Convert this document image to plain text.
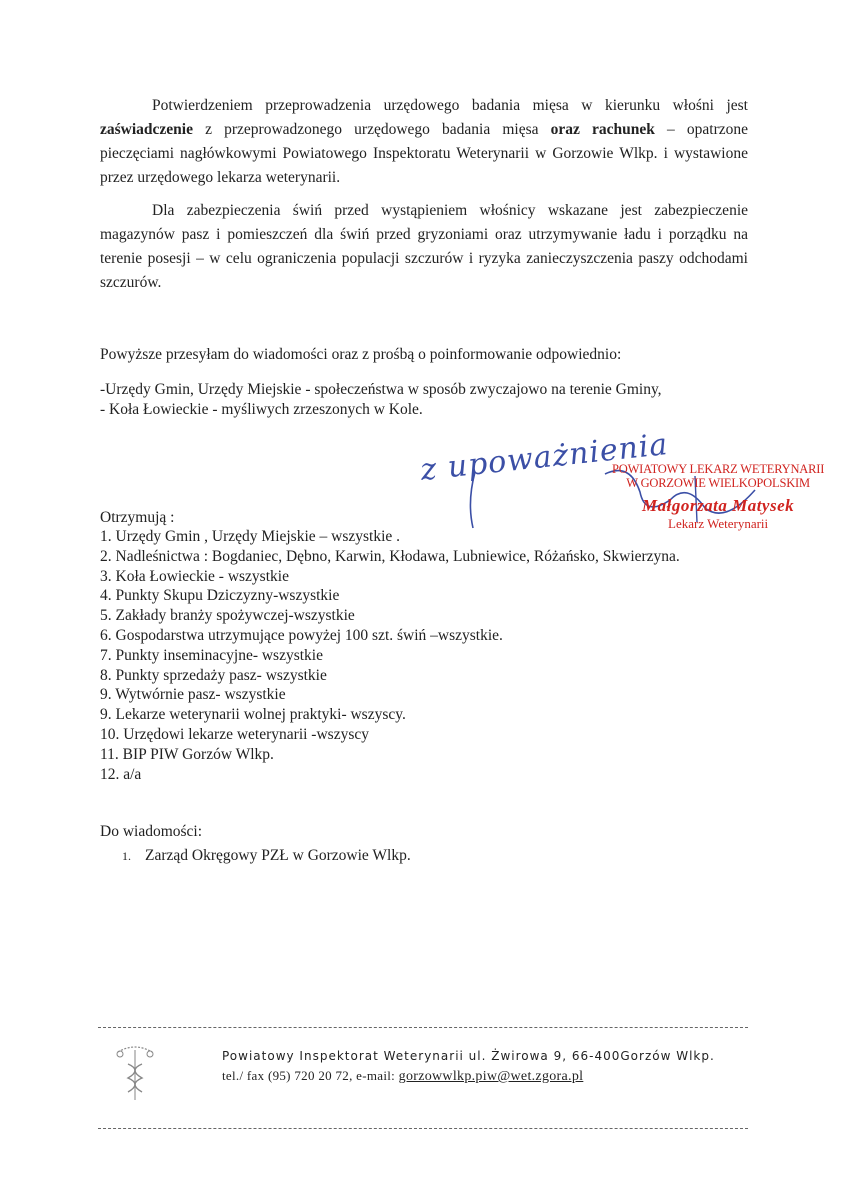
Potwierdzeniem przeprowadzenia urzędowego badania mięsa w kierunku włośni jest zaświadczenie z przeprowadzonego urzędowego badania mięsa oraz rachunek – opatrzone pieczęciami nagłówkowymi Powiatowego Inspektoratu Weterynarii w Gorzowie Wlkp. i wystawione przez urzędowego lekarza weterynarii.

Dla zabezpieczenia świń przed wystąpieniem włośnicy wskazane jest zabezpieczenie magazynów pasz i pomieszczeń dla świń przed gryzoniami oraz utrzymywanie ładu i porządku na terenie posesji – w celu ograniczenia populacji szczurów i ryzyka zanieczyszczenia paszy odchodami szczurów.

Powyższe przesyłam do wiadomości oraz z prośbą o poinformowanie odpowiednio:

-Urzędy Gmin, Urzędy Miejskie - społeczeństwa w sposób zwyczajowo na terenie Gminy,

- Koła Łowieckie - myśliwych zrzeszonych w Kole.

z upoważnienia
POWIATOWY LEKARZ WETERYNARII
W GORZOWIE WIELKOPOLSKIM
Małgorzata Matysek
Lekarz Weterynarii

Otrzymują :

1. Urzędy Gmin , Urzędy Miejskie – wszystkie .
2. Nadleśnictwa : Bogdaniec, Dębno, Karwin, Kłodawa, Lubniewice, Różańsko, Skwierzyna.
3. Koła Łowieckie - wszystkie
4. Punkty Skupu Dziczyzny-wszystkie
5. Zakłady branży spożywczej-wszystkie
6. Gospodarstwa utrzymujące powyżej 100 szt. świń –wszystkie.
7. Punkty inseminacyjne- wszystkie
8. Punkty sprzedaży pasz- wszystkie
9. Wytwórnie pasz- wszystkie
9. Lekarze weterynarii wolnej praktyki- wszyscy.
10. Urzędowi lekarze weterynarii -wszyscy
11. BIP PIW Gorzów Wlkp.
12. a/a

Do wiadomości:

1. Zarząd Okręgowy PZŁ w Gorzowie Wlkp.

Powiatowy Inspektorat Weterynarii ul. Żwirowa 9, 66-400Gorzów Wlkp.
tel./ fax (95) 720 20 72, e-mail: gorzowwlkp.piw@wet.zgora.pl
